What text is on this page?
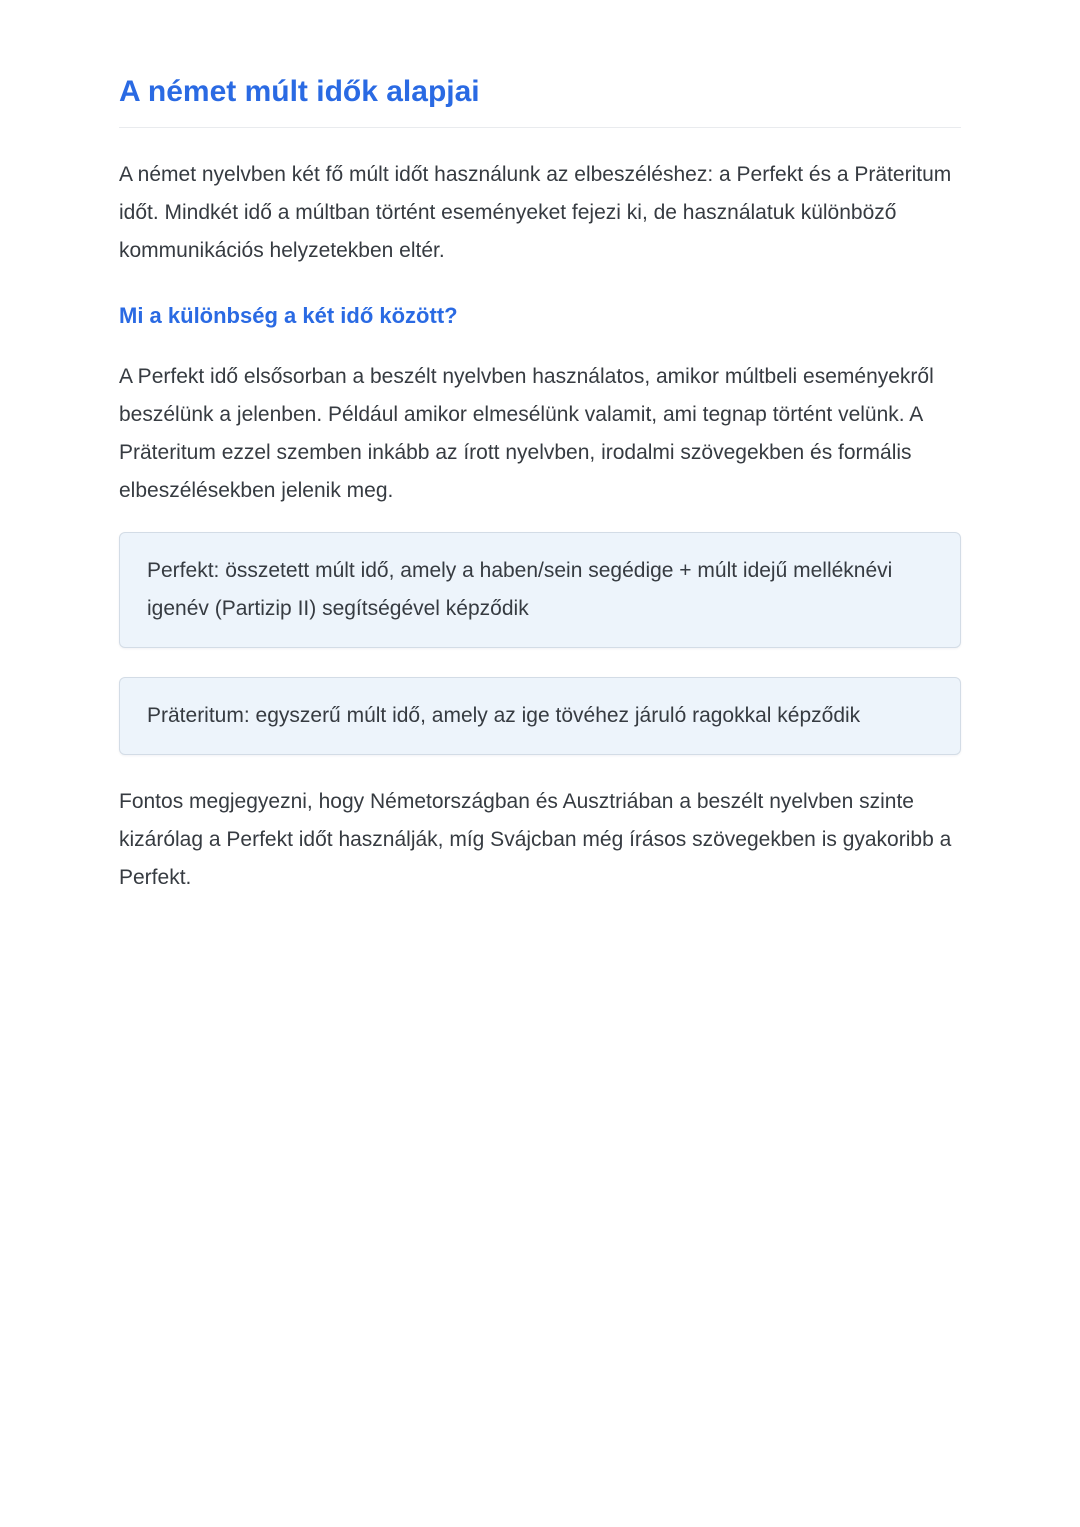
A német múlt idők alapjai

A német nyelvben két fő múlt időt használunk az elbeszéléshez: a Perfekt és a Präteritum időt. Mindkét idő a múltban történt eseményeket fejezi ki, de használatuk különböző kommunikációs helyzetekben eltér.

Mi a különbség a két idő között?

A Perfekt idő elsősorban a beszélt nyelvben használatos, amikor múltbeli eseményekről beszélünk a jelenben. Például amikor elmesélünk valamit, ami tegnap történt velünk. A Präteritum ezzel szemben inkább az írott nyelvben, irodalmi szövegekben és formális elbeszélésekben jelenik meg.

Perfekt: összetett múlt idő, amely a haben/sein segédige + múlt idejű melléknévi igenév (Partizip II) segítségével képződik

Präteritum: egyszerű múlt idő, amely az ige tövéhez járuló ragokkal képződik

Fontos megjegyezni, hogy Németországban és Ausztriában a beszélt nyelvben szinte kizárólag a Perfekt időt használják, míg Svájcban még írásos szövegekben is gyakoribb a Perfekt.
